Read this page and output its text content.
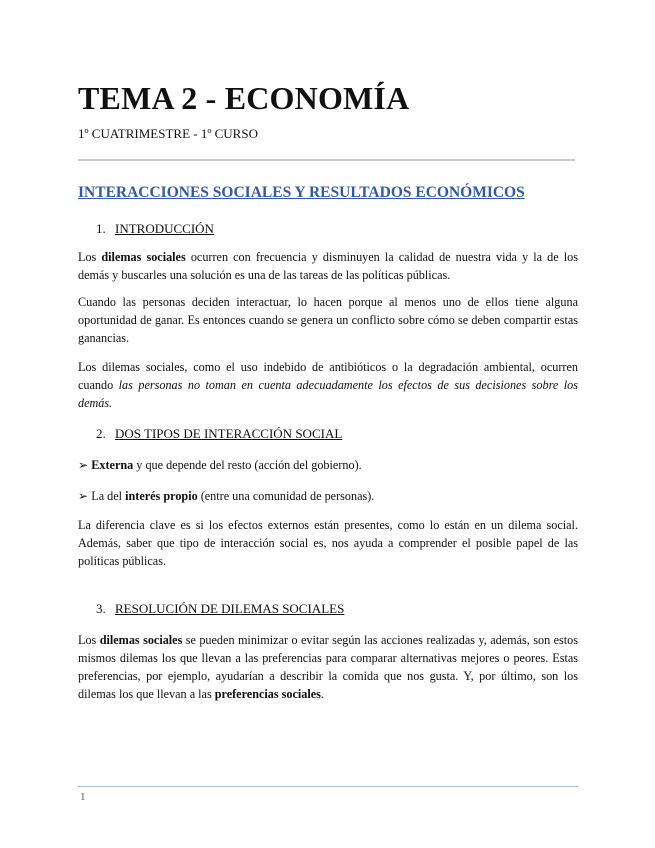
TEMA 2 - ECONOMÍA

1º CUATRIMESTRE - 1º CURSO

INTERACCIONES SOCIALES Y RESULTADOS ECONÓMICOS

1. INTRODUCCIÓN

Los dilemas sociales ocurren con frecuencia y disminuyen la calidad de nuestra vida y la de los demás y buscarles una solución es una de las tareas de las políticas públicas.

Cuando las personas deciden interactuar, lo hacen porque al menos uno de ellos tiene alguna oportunidad de ganar. Es entonces cuando se genera un conflicto sobre cómo se deben compartir estas ganancias.

Los dilemas sociales, como el uso indebido de antibióticos o la degradación ambiental, ocurren cuando las personas no toman en cuenta adecuadamente los efectos de sus decisiones sobre los demás.

2. DOS TIPOS DE INTERACCIÓN SOCIAL

➢ Externa y que depende del resto (acción del gobierno).

➢ La del interés propio (entre una comunidad de personas).

La diferencia clave es si los efectos externos están presentes, como lo están en un dilema social. Además, saber que tipo de interacción social es, nos ayuda a comprender el posible papel de las políticas públicas.

3. RESOLUCIÓN DE DILEMAS SOCIALES

Los dilemas sociales se pueden minimizar o evitar según las acciones realizadas y, además, son estos mismos dilemas los que llevan a las preferencias para comparar alternativas mejores o peores. Estas preferencias, por ejemplo, ayudarían a describir la comida que nos gusta. Y, por último, son los dilemas los que llevan a las preferencias sociales.

1
